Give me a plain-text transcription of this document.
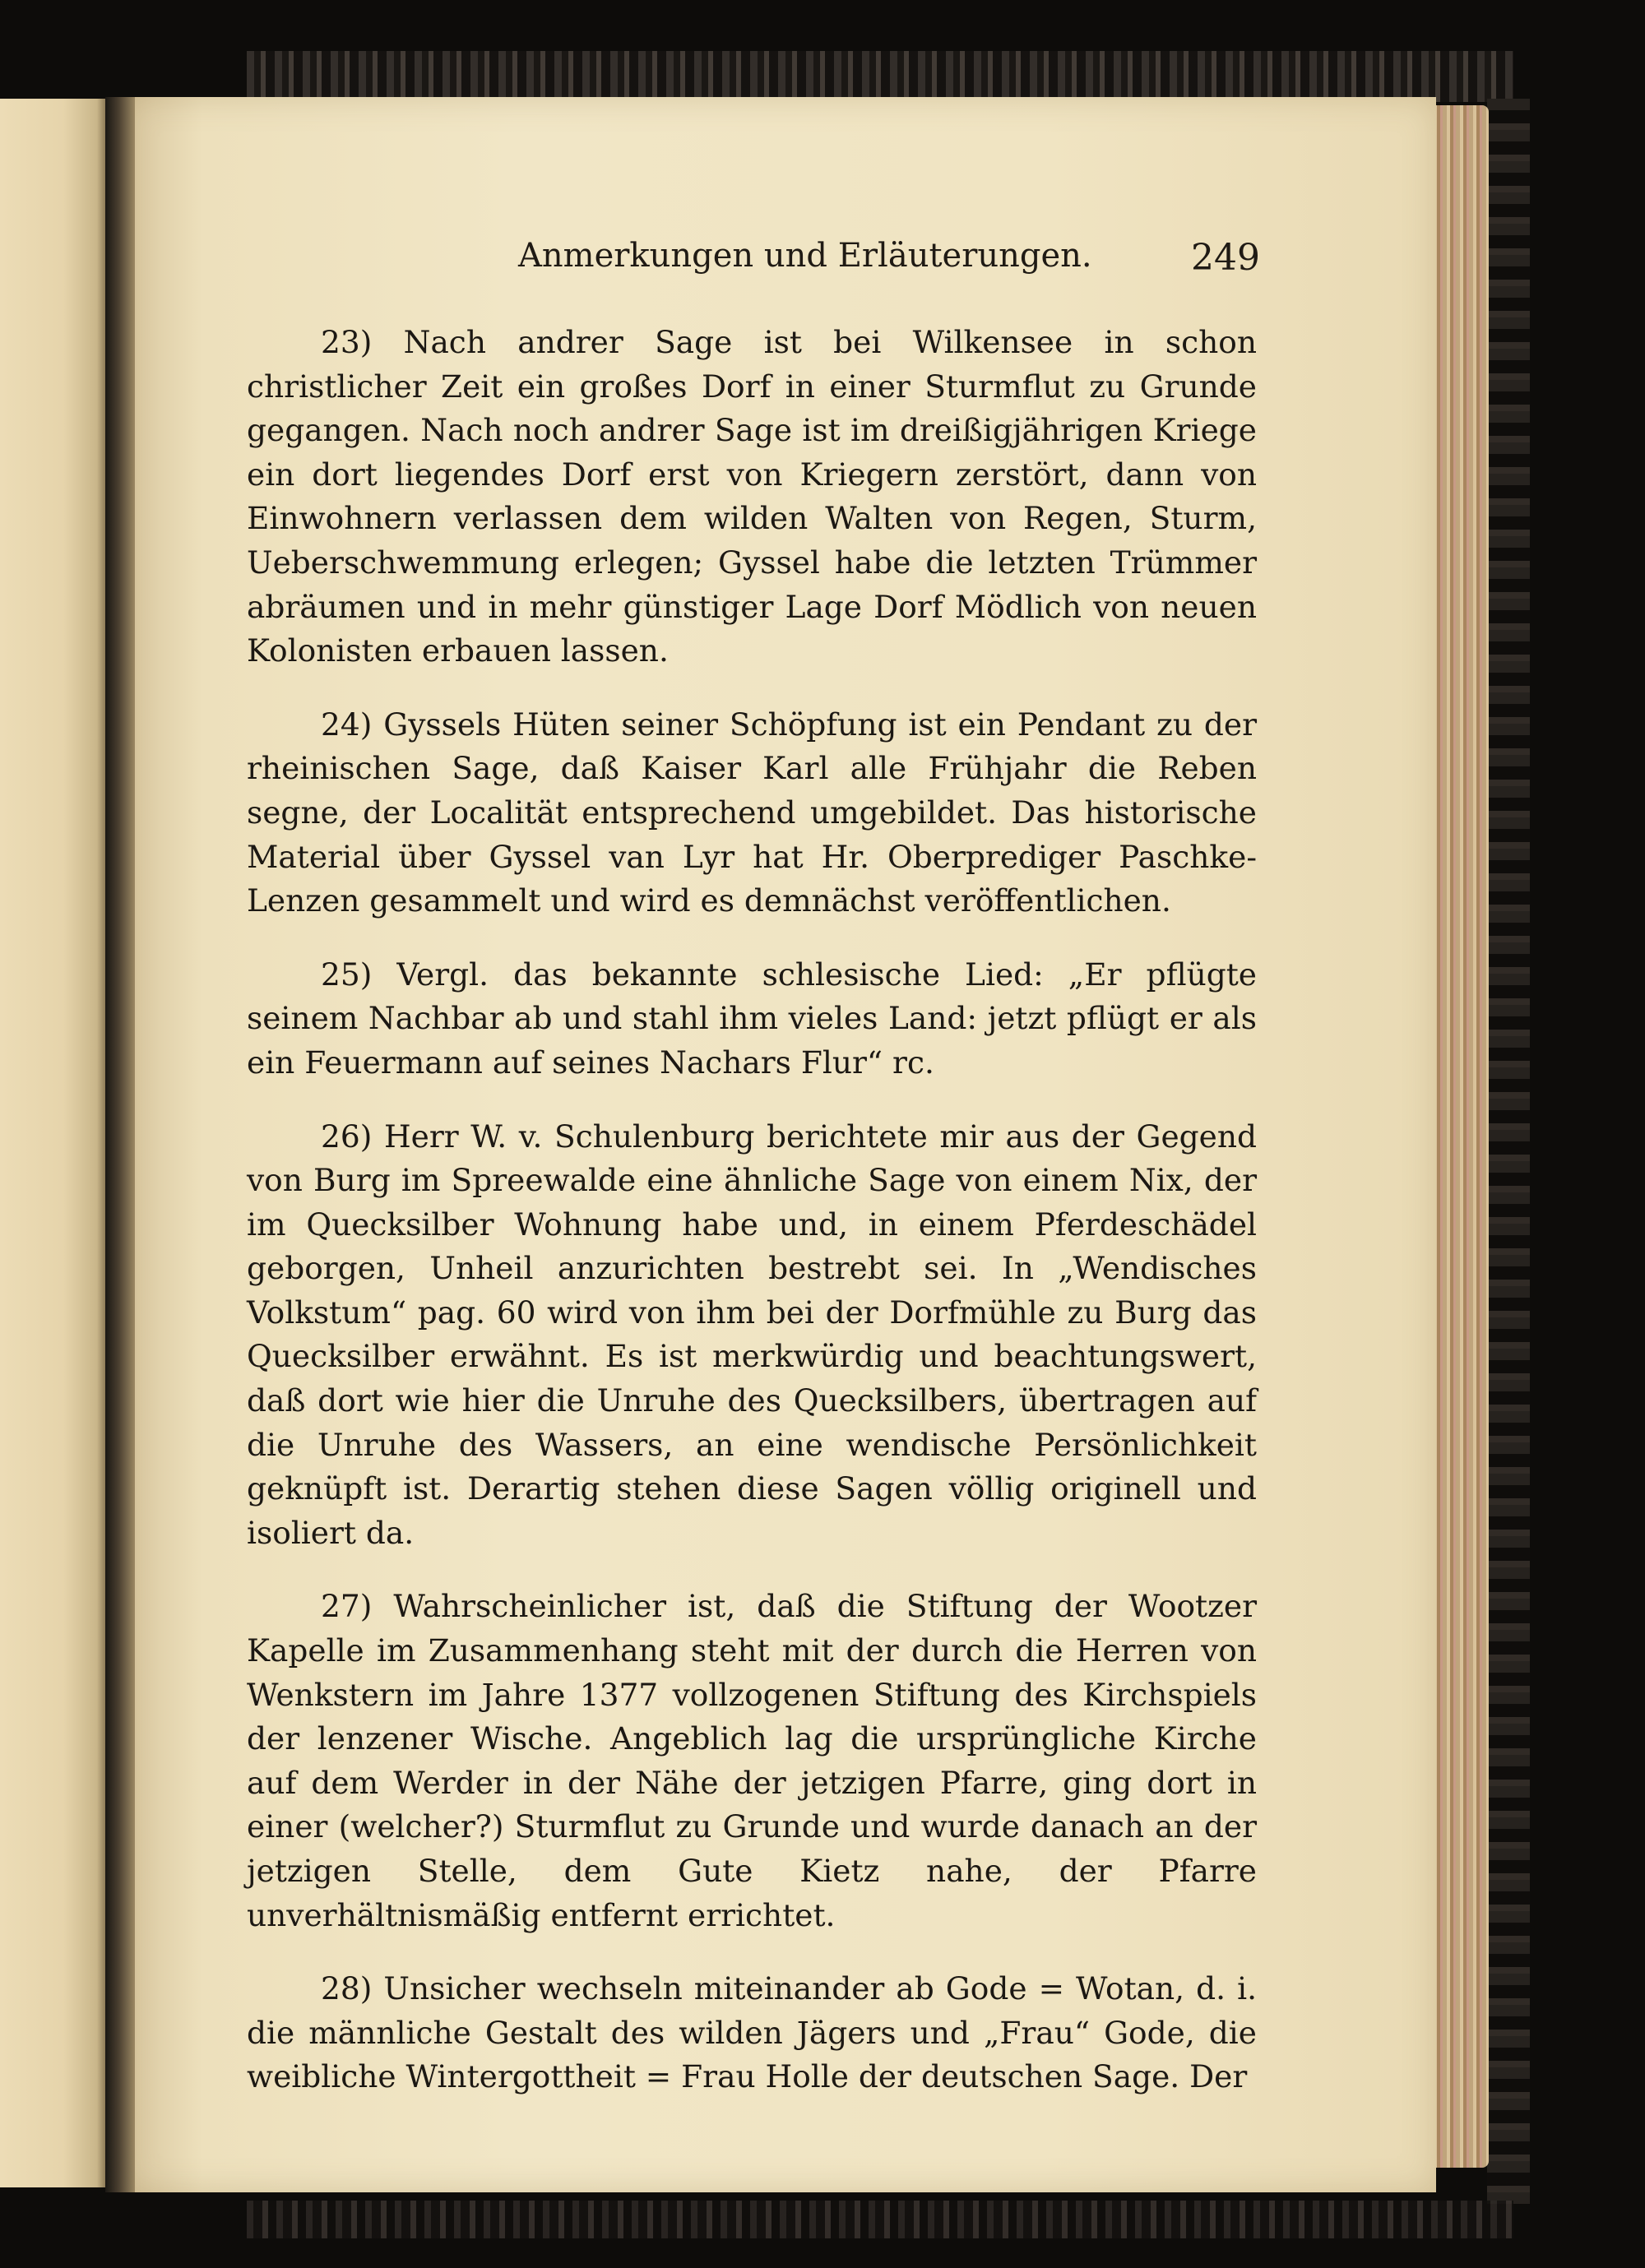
Anmerkungen und Erläuterungen.	249

23) Nach andrer Sage ist bei Wilkensee in schon christlicher Zeit ein großes Dorf in einer Sturmflut zu Grunde gegangen. Nach noch andrer Sage ist im dreißigjährigen Kriege ein dort liegendes Dorf erst von Kriegern zerstört, dann von Einwohnern verlassen dem wilden Walten von Regen, Sturm, Ueberschwemmung erlegen; Gyssel habe die letzten Trümmer abräumen und in mehr günstiger Lage Dorf Mödlich von neuen Kolonisten erbauen lassen.

24) Gyssels Hüten seiner Schöpfung ist ein Pendant zu der rheinischen Sage, daß Kaiser Karl alle Frühjahr die Reben segne, der Localität entsprechend umgebildet. Das historische Material über Gyssel van Lyr hat Hr. Oberprediger Paschke-Lenzen gesammelt und wird es demnächst veröffentlichen.

25) Vergl. das bekannte schlesische Lied: „Er pflügte seinem Nachbar ab und stahl ihm vieles Land: jetzt pflügt er als ein Feuermann auf seines Nachars Flur“ rc.

26) Herr W. v. Schulenburg berichtete mir aus der Gegend von Burg im Spreewalde eine ähnliche Sage von einem Nix, der im Quecksilber Wohnung habe und, in einem Pferdeschädel geborgen, Unheil anzurichten bestrebt sei. In „Wendisches Volkstum“ pag. 60 wird von ihm bei der Dorfmühle zu Burg das Quecksilber erwähnt. Es ist merkwürdig und beachtungswert, daß dort wie hier die Unruhe des Quecksilbers, übertragen auf die Unruhe des Wassers, an eine wendische Persönlichkeit geknüpft ist. Derartig stehen diese Sagen völlig originell und isoliert da.

27) Wahrscheinlicher ist, daß die Stiftung der Wootzer Kapelle im Zusammenhang steht mit der durch die Herren von Wenkstern im Jahre 1377 vollzogenen Stiftung des Kirchspiels der lenzener Wische. Angeblich lag die ursprüngliche Kirche auf dem Werder in der Nähe der jetzigen Pfarre, ging dort in einer (welcher?) Sturmflut zu Grunde und wurde danach an der jetzigen Stelle, dem Gute Kietz nahe, der Pfarre unverhältnismäßig entfernt errichtet.

28) Unsicher wechseln miteinander ab Gode = Wotan, d. i. die männliche Gestalt des wilden Jägers und „Frau“ Gode, die weibliche Wintergottheit = Frau Holle der deutschen Sage. Der
